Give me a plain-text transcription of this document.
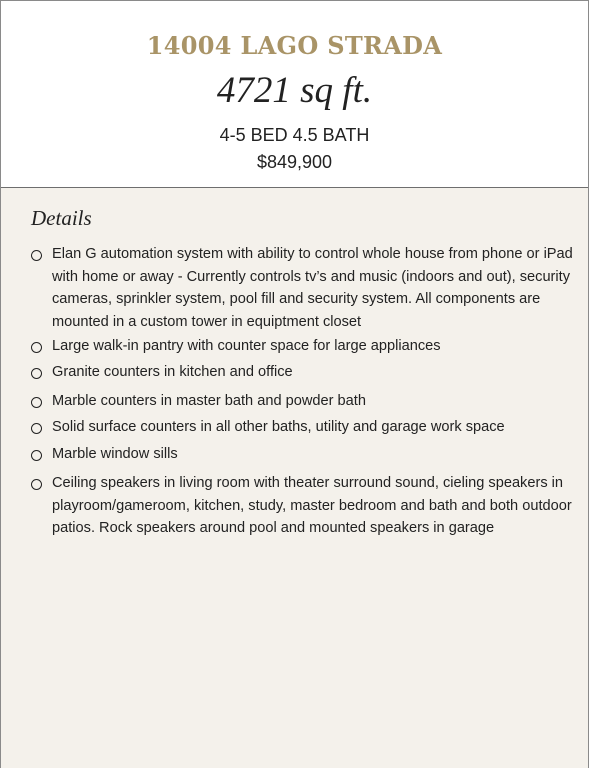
14004 LAGO STRADA
4721 sq ft.
4-5 BED 4.5 BATH
$849,900
Details
Elan G automation system with ability to control whole house from phone or iPad with home or away - Currently controls tv’s and music (indoors and out), security cameras, sprinkler system, pool fill and security system. All components are mounted in a custom tower in equiptment closet
Large walk-in pantry with counter space for large appliances
Granite counters in kitchen and office
Marble counters in master bath and powder bath
Solid surface counters in all other baths, utility and garage work space
Marble window sills
Ceiling speakers in living room with theater surround sound, cieling speakers in playroom/gameroom, kitchen, study, master bedroom and bath and both outdoor patios. Rock speakers around pool and mounted speakers in garage
